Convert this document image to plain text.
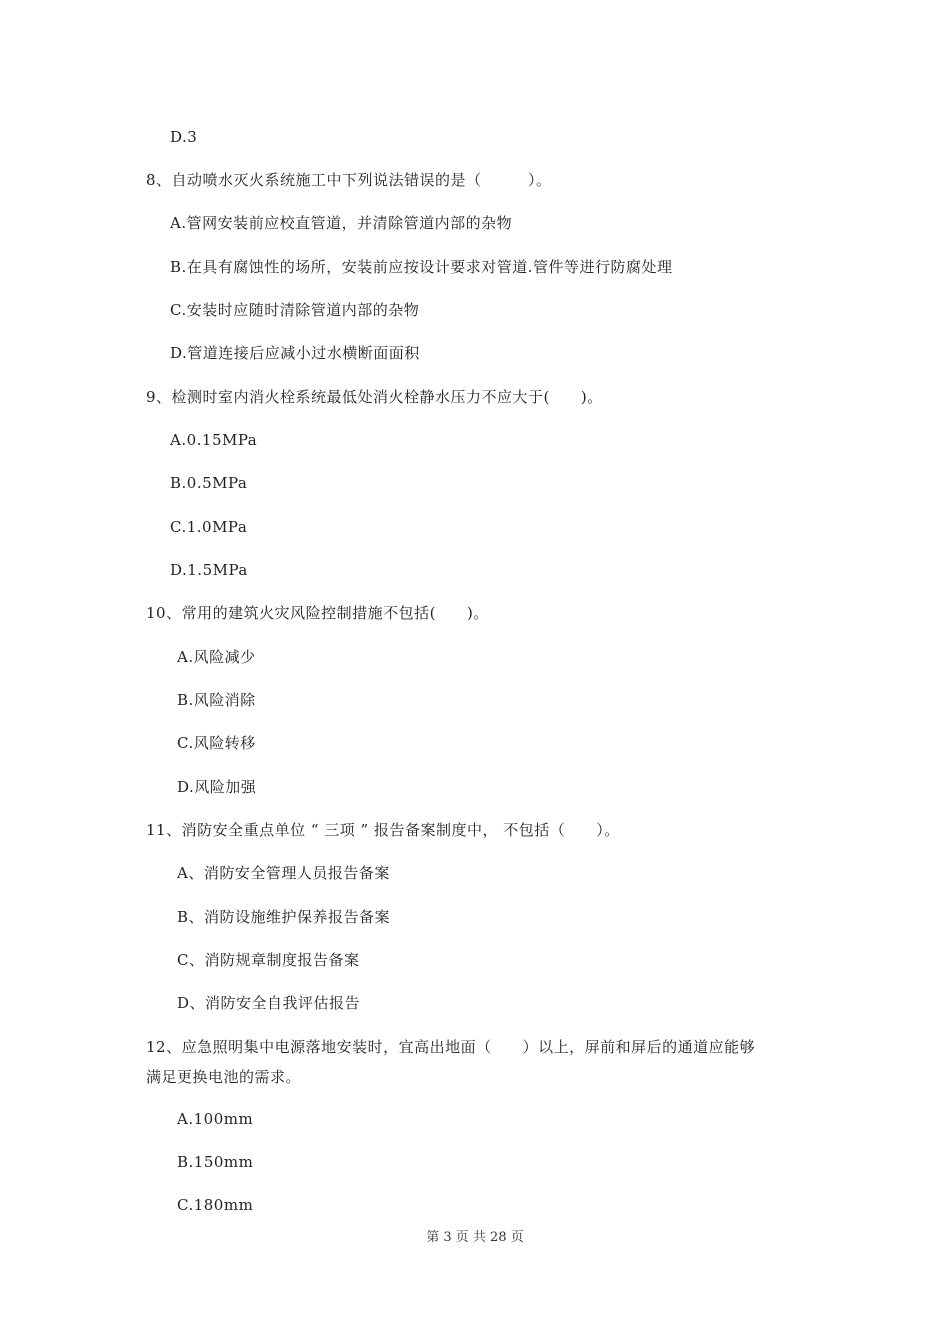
D.3
8、自动喷水灭火系统施工中下列说法错误的是（　　　）。
A.管网安装前应校直管道，并清除管道内部的杂物
B.在具有腐蚀性的场所，安装前应按设计要求对管道.管件等进行防腐处理
C.安装时应随时清除管道内部的杂物
D.管道连接后应减小过水横断面面积
9、检测时室内消火栓系统最低处消火栓静水压力不应大于(　　)。
A.0.15MPa
B.0.5MPa
C.1.0MPa
D.1.5MPa
10、常用的建筑火灾风险控制措施不包括(　　)。
A.风险减少
B.风险消除
C.风险转移
D.风险加强
11、消防安全重点单位 “ 三项 ” 报告备案制度中， 不包括（　　）。
A、消防安全管理人员报告备案
B、消防设施维护保养报告备案
C、消防规章制度报告备案
D、消防安全自我评估报告
12、应急照明集中电源落地安装时，宜高出地面（　　）以上，屏前和屏后的通道应能够
满足更换电池的需求。
A.100mm
B.150mm
C.180mm
第 3 页 共 28 页
